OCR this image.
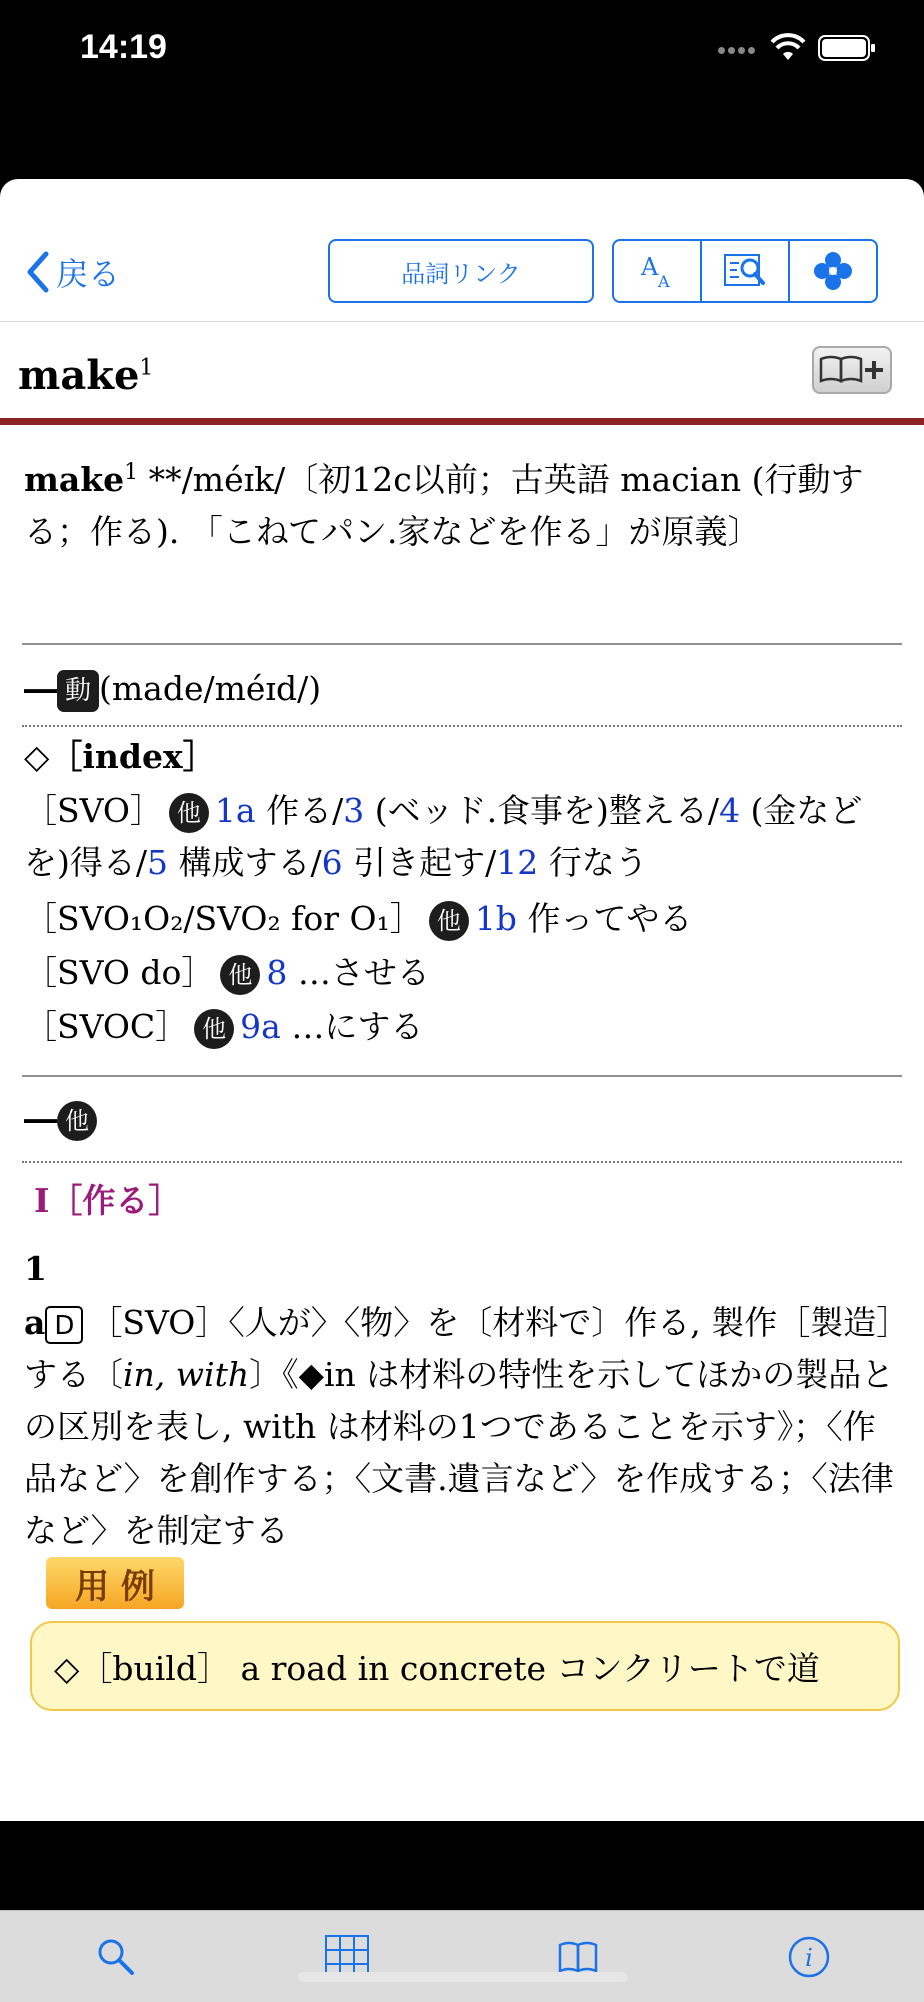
14:19
戻る	品詞リンク	A
A
make$^1$
make$^1$ **/méɪk/〔初12c以前；古英語 macian (行動する；作る). 「こねてパン.家などを作る」が原義〕
― 動 (made/méɪd/)
◇［index］
［SVO］ 他 1a 作る/3 (ベッド.食事を)整える/4 (金などを)得る/5 構成する/6 引き起す/12 行なう
［SVO₁O₂/SVO₂ for O₁］ 他 1b 作ってやる
［SVO do］ 他 8 …させる
［SVOC］ 他 9a …にする
― 他
I［作る］
1
a D ［SVO］〈人が〉〈物〉を〔材料で〕作る, 製作［製造］する〔in, with〕《◆in は材料の特性を示してほかの製品との区別を表し, with は材料の1つであることを示す》；〈作品など〉を創作する；〈文書.遺言など〉を作成する；〈法律など〉を制定する
用 例
◇［build］ a road in concrete コンクリートで道
i
